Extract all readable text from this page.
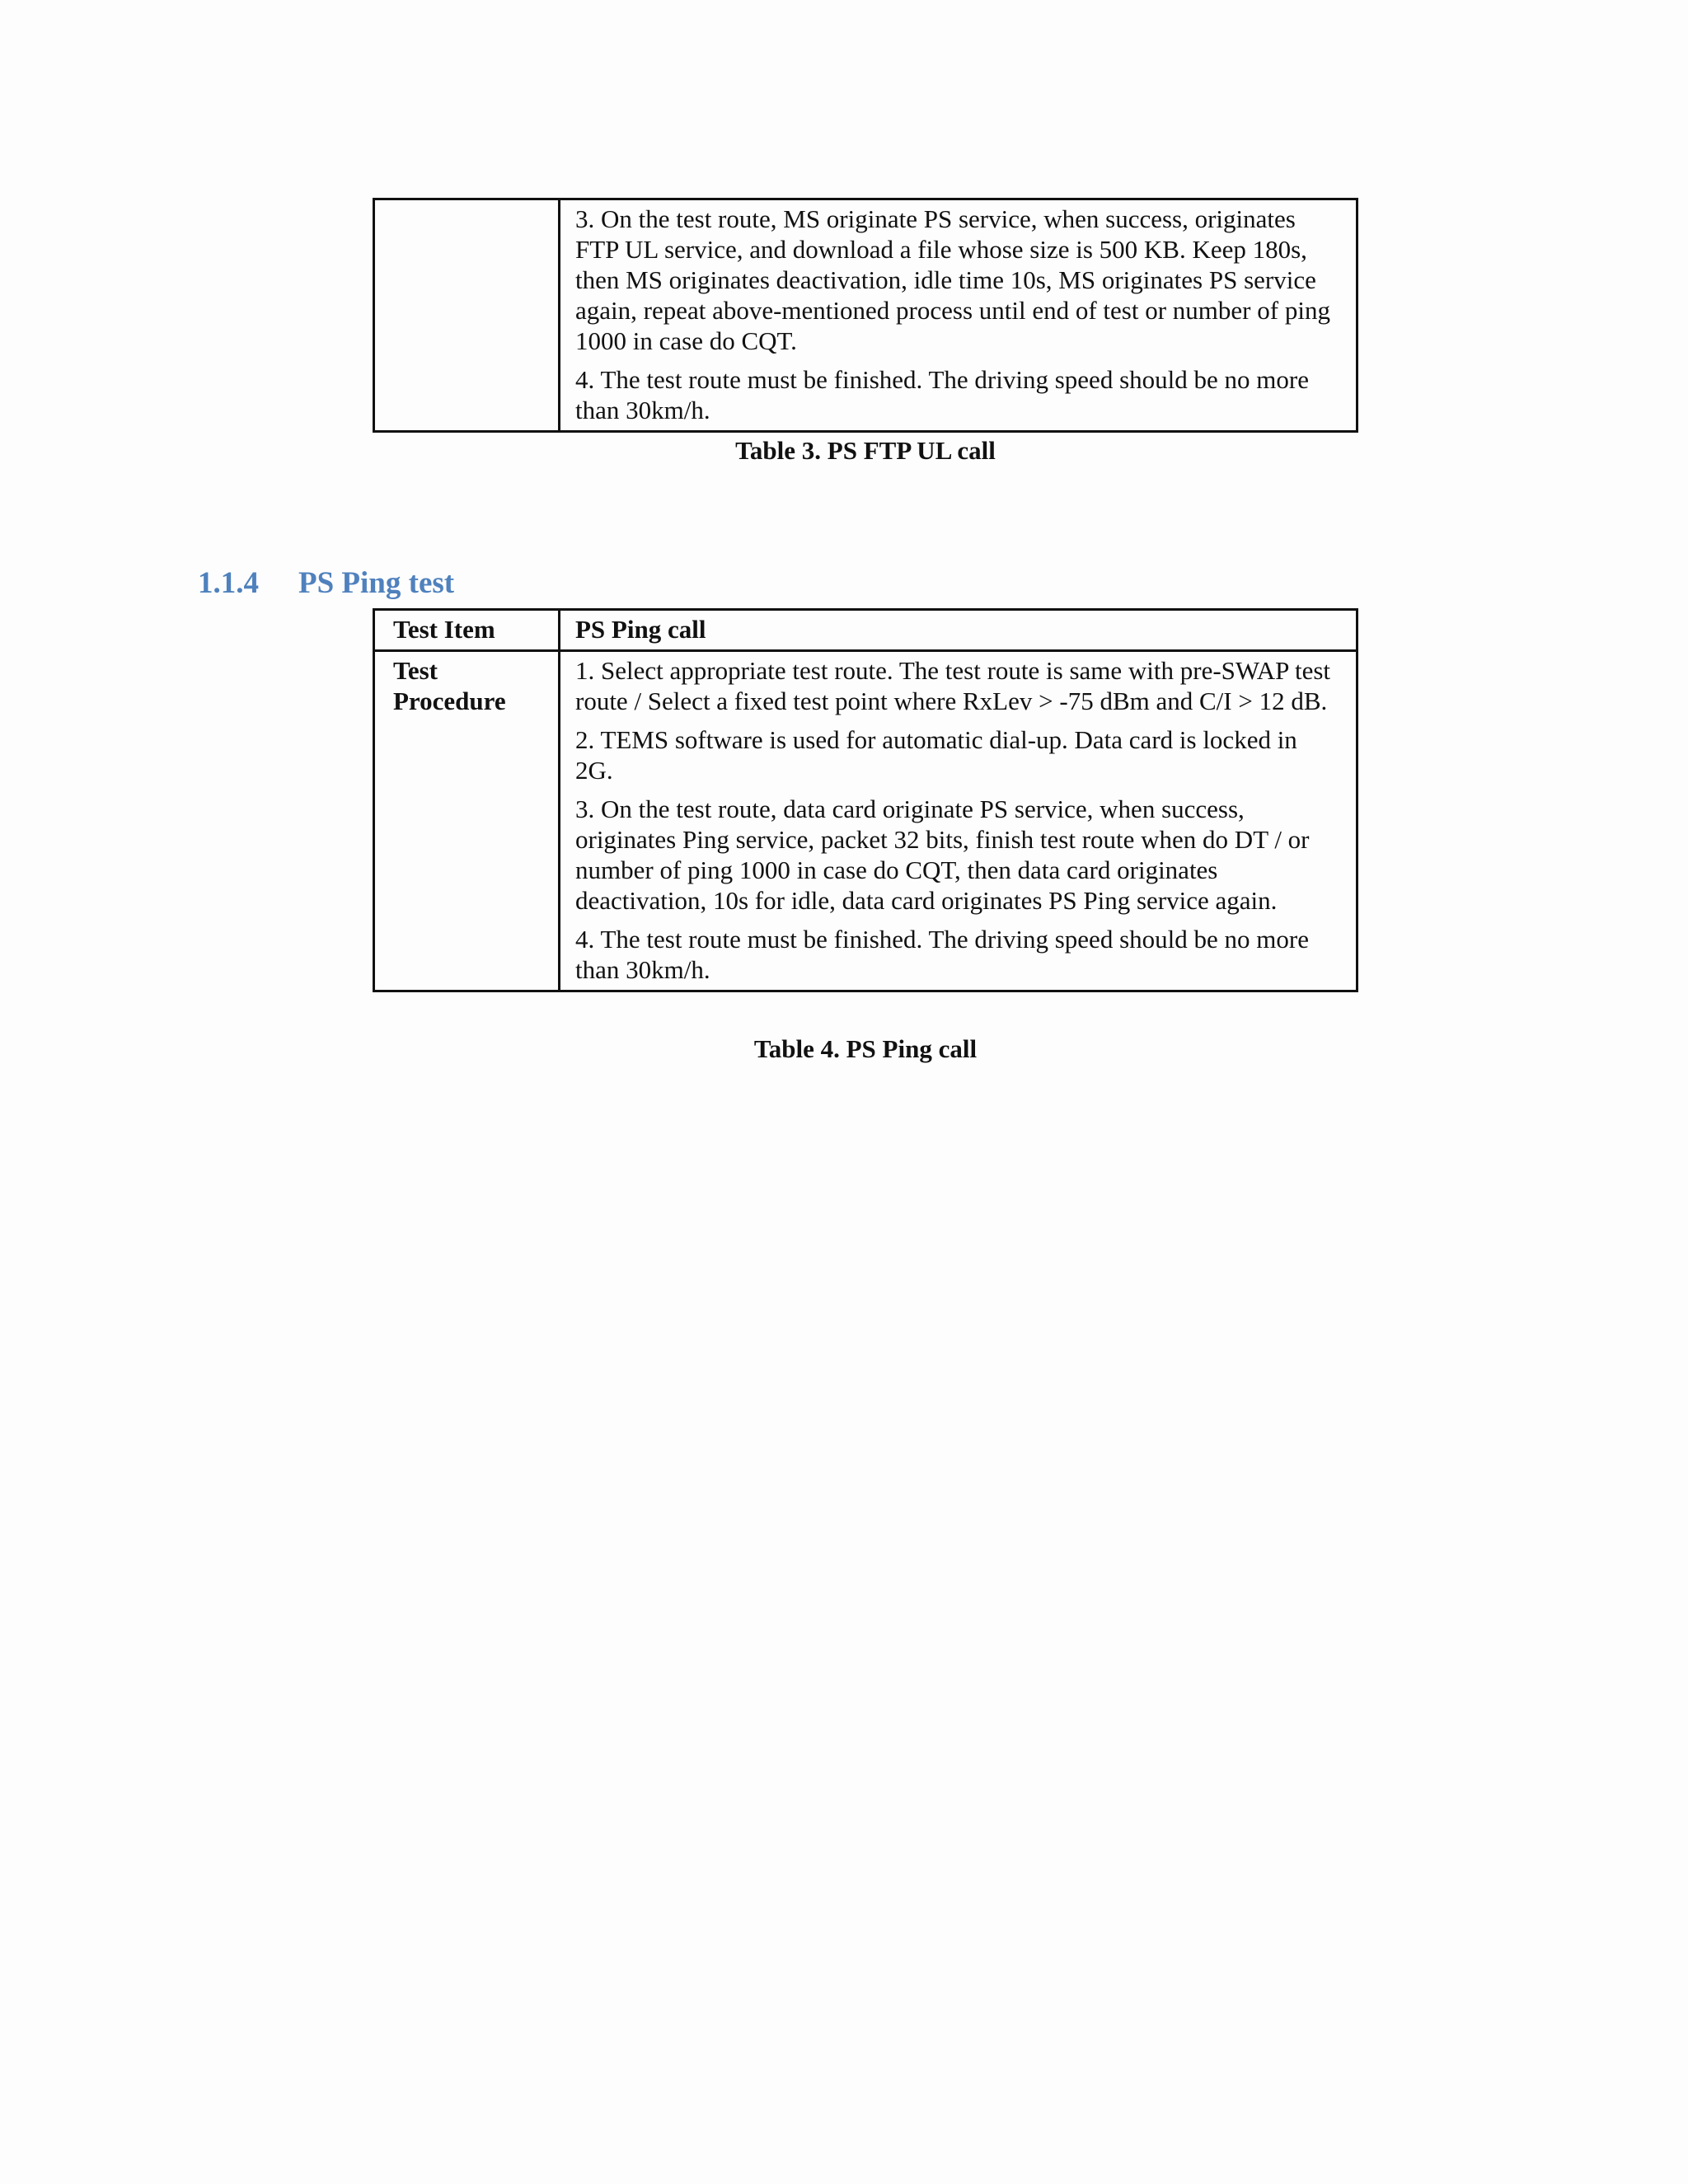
3. On the test route, MS originate PS service, when success, originates FTP UL service, and download a file whose size is 500 KB. Keep 180s, then MS originates deactivation, idle time 10s, MS originates PS service again, repeat above-mentioned process until end of test or number of ping 1000 in case do CQT.

4. The test route must be finished. The driving speed should be no more than 30km/h.

Table 3. PS FTP UL call
1.1.4 PS Ping test
Test Item	PS Ping call
Test Procedure	1. Select appropriate test route. The test route is same with pre-SWAP test route / Select a fixed test point where RxLev > -75 dBm and C/I > 12 dB.

2. TEMS software is used for automatic dial-up. Data card is locked in 2G.

3. On the test route, data card originate PS service, when success, originates Ping service, packet 32 bits, finish test route when do DT / or number of ping 1000 in case do CQT, then data card originates deactivation, 10s for idle, data card originates PS Ping service again.

4. The test route must be finished. The driving speed should be no more than 30km/h.

Table 4. PS Ping call
